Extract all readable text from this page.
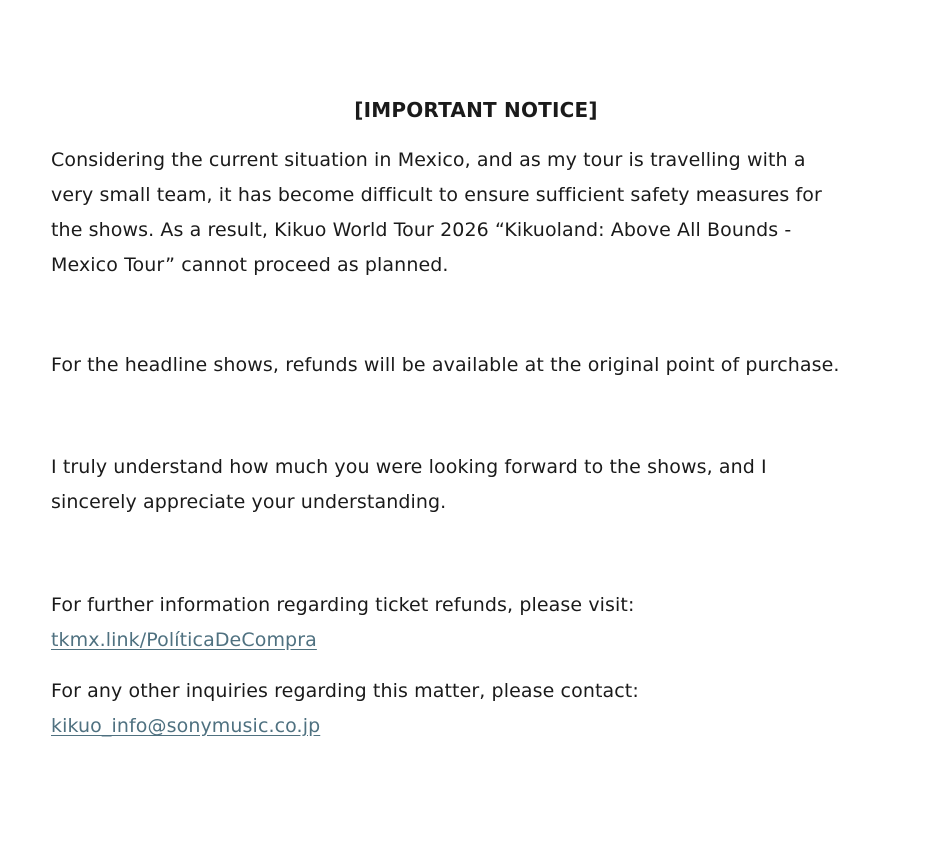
[IMPORTANT NOTICE]

Considering the current situation in Mexico, and as my tour is travelling with a
very small team, it has become difficult to ensure sufficient safety measures for
the shows. As a result, Kikuo World Tour 2026 “Kikuoland: Above All Bounds -
Mexico Tour” cannot proceed as planned.

For the headline shows, refunds will be available at the original point of purchase.

I truly understand how much you were looking forward to the shows, and I
sincerely appreciate your understanding.

For further information regarding ticket refunds, please visit:
tkmx.link/PolíticaDeCompra

For any other inquiries regarding this matter, please contact:
kikuo_info@sonymusic.co.jp
